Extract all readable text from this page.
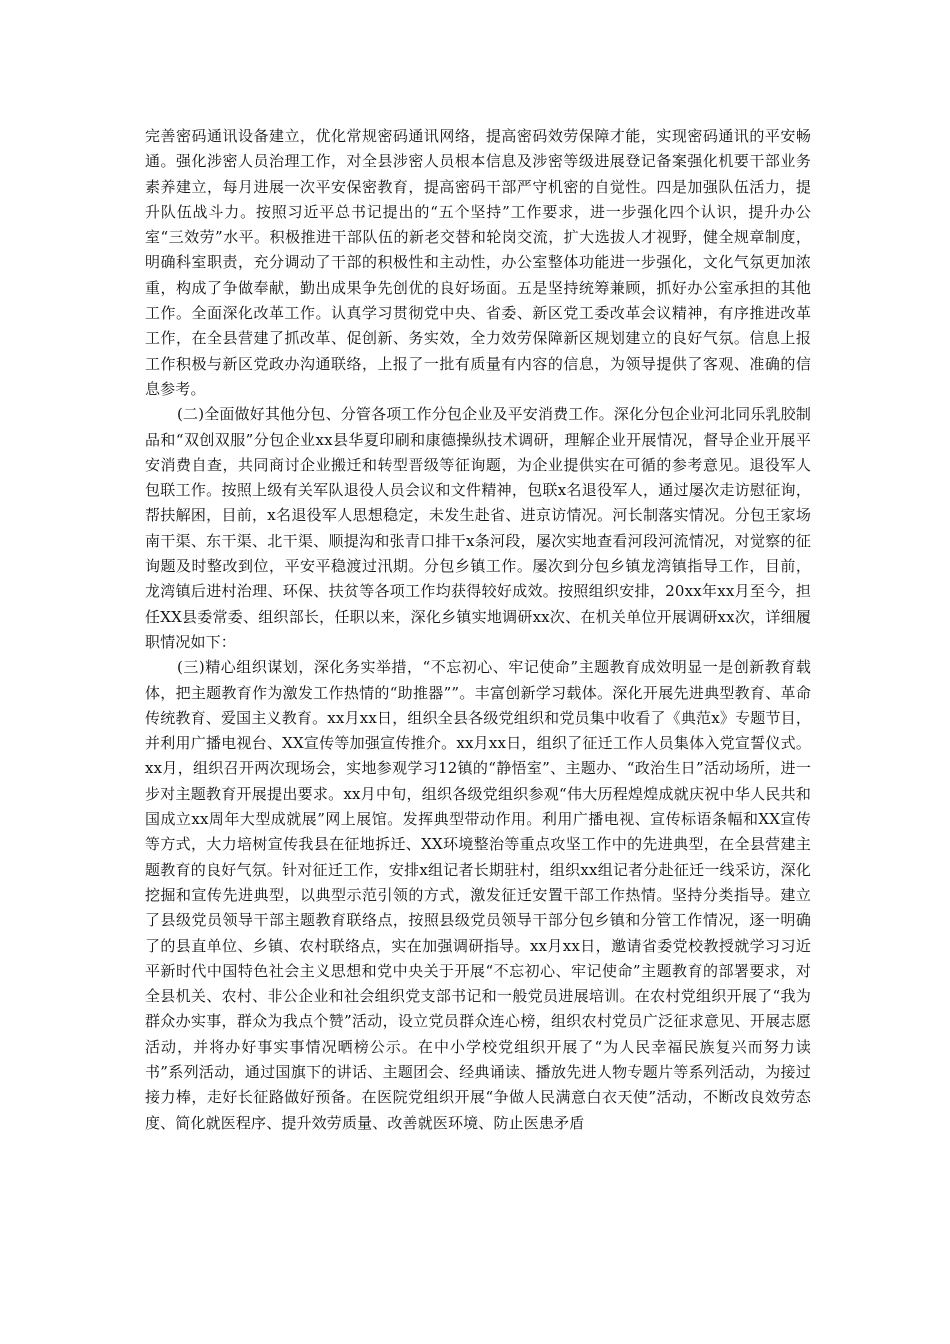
完善密码通讯设备建立，优化常规密码通讯网络，提高密码效劳保障才能，实现密码通讯的平安畅通。强化涉密人员治理工作，对全县涉密人员根本信息及涉密等级进展登记备案强化机要干部业务素养建立，每月进展一次平安保密教育，提高密码干部严守机密的自觉性。四是加强队伍活力，提升队伍战斗力。按照习近平总书记提出的“五个坚持”工作要求，进一步强化四个认识，提升办公室“三效劳”水平。积极推进干部队伍的新老交替和轮岗交流，扩大选拔人才视野，健全规章制度，明确科室职责，充分调动了干部的积极性和主动性，办公室整体功能进一步强化，文化气氛更加浓重，构成了争做奉献，勤出成果争先创优的良好场面。五是坚持统筹兼顾，抓好办公室承担的其他工作。全面深化改革工作。认真学习贯彻党中央、省委、新区党工委改革会议精神，有序推进改革工作，在全县营建了抓改革、促创新、务实效，全力效劳保障新区规划建立的良好气氛。信息上报工作积极与新区党政办沟通联络，上报了一批有质量有内容的信息，为领导提供了客观、准确的信息参考。

(二)全面做好其他分包、分管各项工作分包企业及平安消费工作。深化分包企业河北同乐乳胶制品和“双创双服”分包企业xx县华夏印刷和康德操纵技术调研，理解企业开展情况，督导企业开展平安消费自查，共同商讨企业搬迁和转型晋级等征询题，为企业提供实在可循的参考意见。退役军人包联工作。按照上级有关军队退役人员会议和文件精神，包联x名退役军人，通过屡次走访慰征询，帮扶解困，目前，x名退役军人思想稳定，未发生赴省、进京访情况。河长制落实情况。分包王家场南干渠、东干渠、北干渠、顺提沟和张青口排干x条河段，屡次实地查看河段河流情况，对觉察的征询题及时整改到位，平安平稳渡过汛期。分包乡镇工作。屡次到分包乡镇龙湾镇指导工作，目前，龙湾镇后进村治理、环保、扶贫等各项工作均获得较好成效。按照组织安排，20xx年xx月至今，担任XX县委常委、组织部长，任职以来，深化乡镇实地调研xx次、在机关单位开展调研xx次，详细履职情况如下：

(三)精心组织谋划，深化务实举措，“不忘初心、牢记使命”主题教育成效明显一是创新教育载体，把主题教育作为激发工作热情的“助推器””。丰富创新学习载体。深化开展先进典型教育、革命传统教育、爱国主义教育。xx月xx日，组织全县各级党组织和党员集中收看了《典范x》专题节目，并利用广播电视台、XX宣传等加强宣传推介。xx月xx日，组织了征迁工作人员集体入党宣誓仪式。xx月，组织召开两次现场会，实地参观学习12镇的“静悟室”、主题办、“政治生日”活动场所，进一步对主题教育开展提出要求。xx月中旬，组织各级党组织参观“伟大历程煌煌成就庆祝中华人民共和国成立xx周年大型成就展”网上展馆。发挥典型带动作用。利用广播电视、宣传标语条幅和XX宣传等方式，大力培树宣传我县在征地拆迁、XX环境整治等重点攻坚工作中的先进典型，在全县营建主题教育的良好气氛。针对征迁工作，安排x组记者长期驻村，组织xx组记者分赴征迁一线采访，深化挖掘和宣传先进典型，以典型示范引领的方式，激发征迁安置干部工作热情。坚持分类指导。建立了县级党员领导干部主题教育联络点，按照县级党员领导干部分包乡镇和分管工作情况，逐一明确了的县直单位、乡镇、农村联络点，实在加强调研指导。xx月xx日，邀请省委党校教授就学习习近平新时代中国特色社会主义思想和党中央关于开展“不忘初心、牢记使命”主题教育的部署要求，对全县机关、农村、非公企业和社会组织党支部书记和一般党员进展培训。在农村党组织开展了“我为群众办实事，群众为我点个赞”活动，设立党员群众连心榜，组织农村党员广泛征求意见、开展志愿活动，并将办好事实事情况晒榜公示。在中小学校党组织开展了“为人民幸福民族复兴而努力读书”系列活动，通过国旗下的讲话、主题团会、经典诵读、播放先进人物专题片等系列活动，为接过接力棒，走好长征路做好预备。在医院党组织开展“争做人民满意白衣天使”活动，不断改良效劳态度、简化就医程序、提升效劳质量、改善就医环境、防止医患矛盾
